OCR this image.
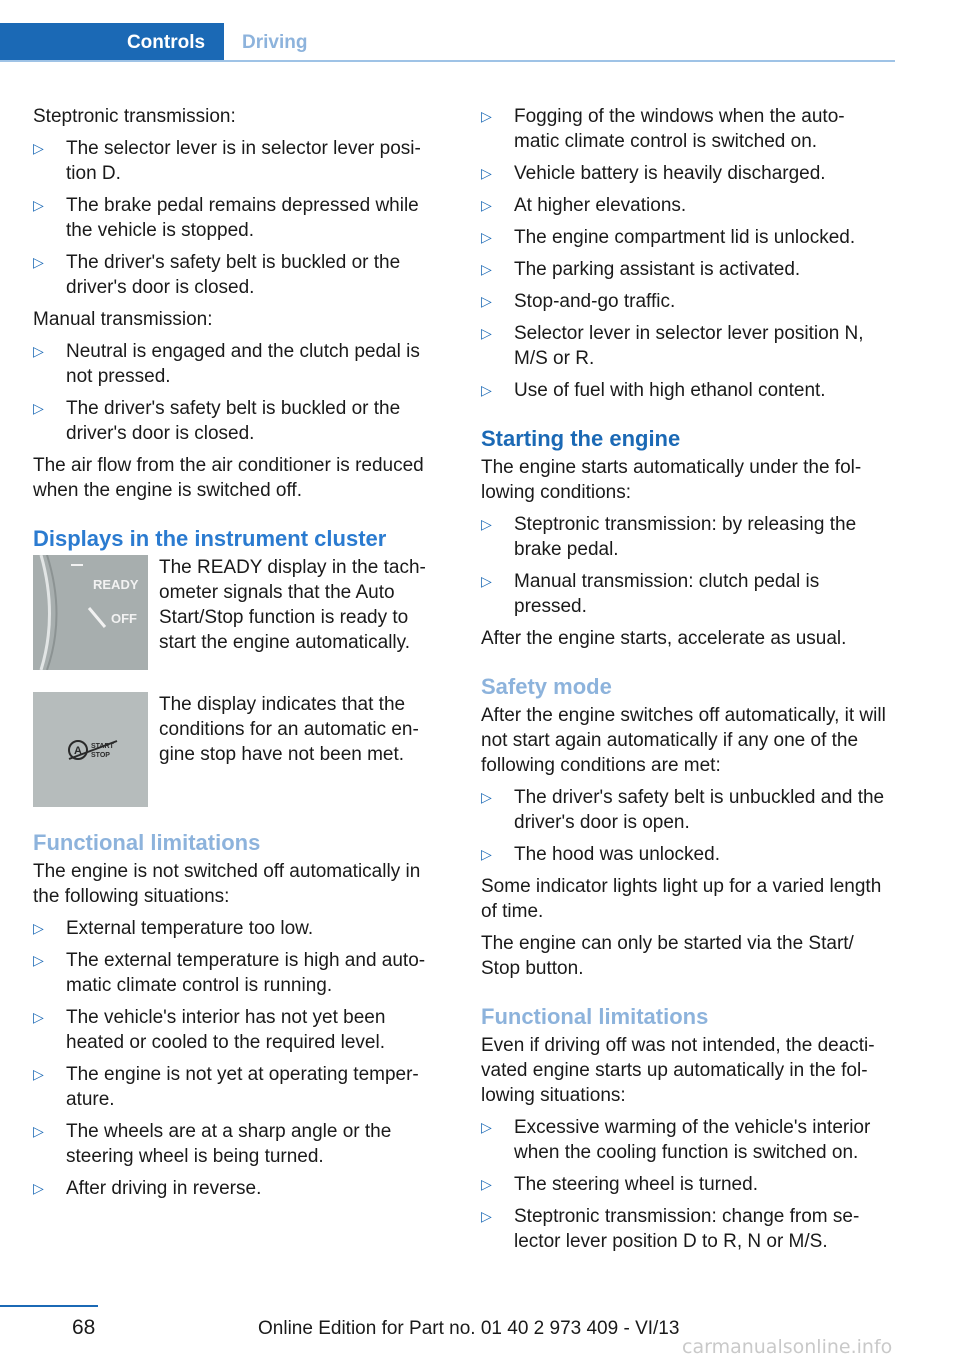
Controls	Driving

Steptronic transmission:

▷	The selector lever is in selector lever posi‐ tion D.
▷	The brake pedal remains depressed while the vehicle is stopped.
▷	The driver's safety belt is buckled or the driver's door is closed.

Manual transmission:

▷	Neutral is engaged and the clutch pedal is not pressed.
▷	The driver's safety belt is buckled or the driver's door is closed.

The air flow from the air conditioner is reduced when the engine is switched off.

Displays in the instrument cluster
READY
OFF
The READY display in the tach‐ ometer signals that the Auto Start/Stop function is ready to start the engine automatically.
A START
STOP
The display indicates that the conditions for an automatic en‐ gine stop have not been met.
Functional limitations

The engine is not switched off automatically in the following situations:

▷	External temperature too low.
▷	The external temperature is high and auto‐ matic climate control is running.
▷	The vehicle's interior has not yet been heated or cooled to the required level.
▷	The engine is not yet at operating temper‐ ature.
▷	The wheels are at a sharp angle or the steering wheel is being turned.
▷	After driving in reverse.
▷	Fogging of the windows when the auto‐ matic climate control is switched on.
▷	Vehicle battery is heavily discharged.
▷	At higher elevations.
▷	The engine compartment lid is unlocked.
▷	The parking assistant is activated.
▷	Stop-and-go traffic.
▷	Selector lever in selector lever position N, M/S or R.
▷	Use of fuel with high ethanol content.
Starting the engine

The engine starts automatically under the fol‐ lowing conditions:

▷	Steptronic transmission: by releasing the brake pedal.
▷	Manual transmission: clutch pedal is pressed.

After the engine starts, accelerate as usual.

Safety mode

After the engine switches off automatically, it will not start again automatically if any one of the following conditions are met:

▷	The driver's safety belt is unbuckled and the driver's door is open.
▷	The hood was unlocked.

Some indicator lights light up for a varied length of time.

The engine can only be started via the Start/ Stop button.

Functional limitations

Even if driving off was not intended, the deacti‐ vated engine starts up automatically in the fol‐ lowing situations:

▷	Excessive warming of the vehicle's interior when the cooling function is switched on.
▷	The steering wheel is turned.
▷	Steptronic transmission: change from se‐ lector lever position D to R, N or M/S.
68	Online Edition for Part no. 01 40 2 973 409 - VI/13
carmanualsonline.info
